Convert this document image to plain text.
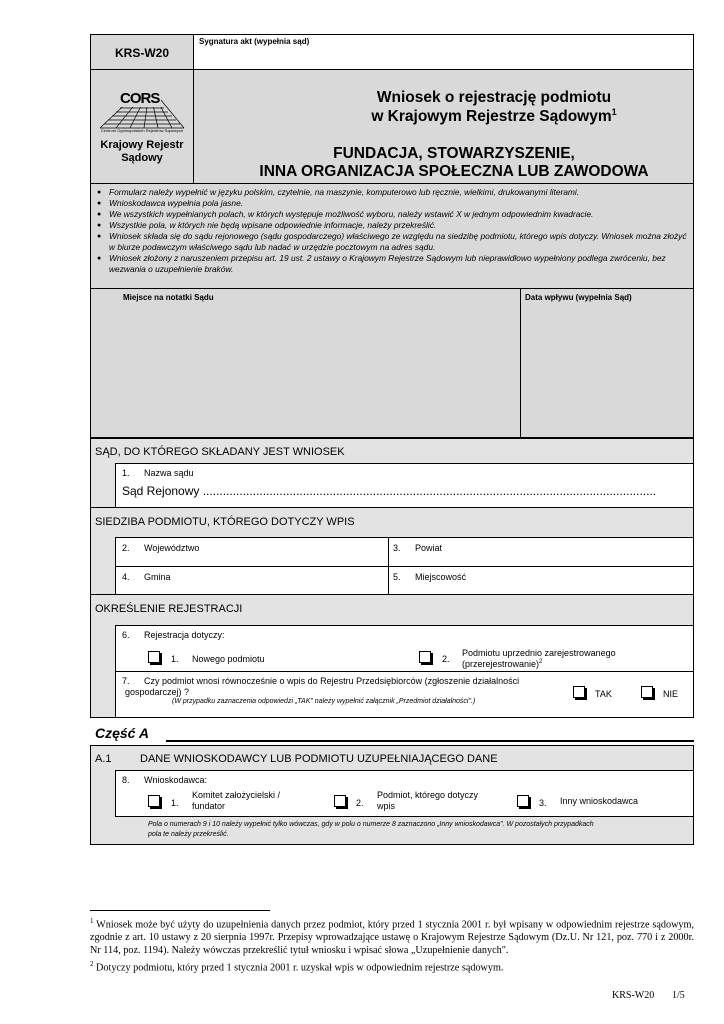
KRS-W20
Sygnatura akt (wypełnia sąd)
CORS
Centrum Ogólnopolskich Rejestrów Sądowych
Krajowy Rejestr
Sądowy
Wniosek o rejestrację podmiotu
w Krajowym Rejestrze Sądowym$^1$
FUNDACJA, STOWARZYSZENIE,
INNA ORGANIZACJA SPOŁECZNA LUB ZAWODOWA
● Formularz należy wypełnić w języku polskim, czytelnie, na maszynie, komputerowo lub ręcznie, wielkimi, drukowanymi literami.
● Wnioskodawca wypełnia pola jasne.
● We wszystkich wypełnianych polach, w których występuje możliwość wyboru, należy wstawić X w jednym odpowiednim kwadracie.
● Wszystkie pola, w których nie będą wpisane odpowiednie informacje, należy przekreślić.
● Wniosek składa się do sądu rejonowego (sądu gospodarczego) właściwego ze względu na siedzibę podmiotu, którego wpis dotyczy. Wniosek można złożyć w biurze podawczym właściwego sądu lub nadać w urzędzie pocztowym na adres sądu.
● Wniosek złożony z naruszeniem przepisu art. 19 ust. 2 ustawy o Krajowym Rejestrze Sądowym lub nieprawidłowo wypełniony podlega zwróceniu, bez wezwania o uzupełnienie braków.
Miejsce na notatki Sądu	Data wpływu (wypełnia Sąd)
SĄD, DO KTÓREGO SKŁADANY JEST WNIOSEK
1. Nazwa sądu
Sąd Rejonowy ........................................................................................................................................
SIEDZIBA PODMIOTU, KTÓREGO DOTYCZY WPIS
2. Województwo	3. Powiat
4. Gmina	5. Miejscowość
OKREŚLENIE REJESTRACJI
6. Rejestracja dotyczy:
1. Nowego podmiotu	2.
Podmiotu uprzednio zarejestrowanego
(przerejestrowanie)$^2$
7. Czy podmiot wnosi równocześnie o wpis do Rejestru Przedsiębiorców (zgłoszenie działalności
gospodarczej) ?
(W przypadku zaznaczenia odpowiedzi „TAK" należy wypełnić załącznik „Przedmiot działalności".)
TAK	NIE
Część A
A.1	DANE WNIOSKODAWCY LUB PODMIOTU UZUPEŁNIAJĄCEGO DANE
8. Wnioskodawca:
1.
Komitet założycielski /
fundator	2.
Podmiot, którego dotyczy
wpis	3. Inny wnioskodawca
Pola o numerach 9 i 10 należy wypełnić tylko wówczas, gdy w polu o numerze 8 zaznaczono „Inny wnioskodawca". W pozostałych przypadkach
pola te należy przekreślić.
$^1$ Wniosek może być użyty do uzupełnienia danych przez podmiot, który przed 1 stycznia 2001 r. był wpisany w odpowiednim rejestrze sądowym, zgodnie z art. 10 ustawy z 20 sierpnia 1997r. Przepisy wprowadzające ustawę o Krajowym Rejestrze Sądowym (Dz.U. Nr 121, poz. 770 i z 2000r. Nr 114, poz. 1194). Należy wówczas przekreślić tytuł wniosku i wpisać słowa „Uzupełnienie danych".
$^2$ Dotyczy podmiotu, który przed 1 stycznia 2001 r. uzyskał wpis w odpowiednim rejestrze sądowym.
KRS-W20 1/5
